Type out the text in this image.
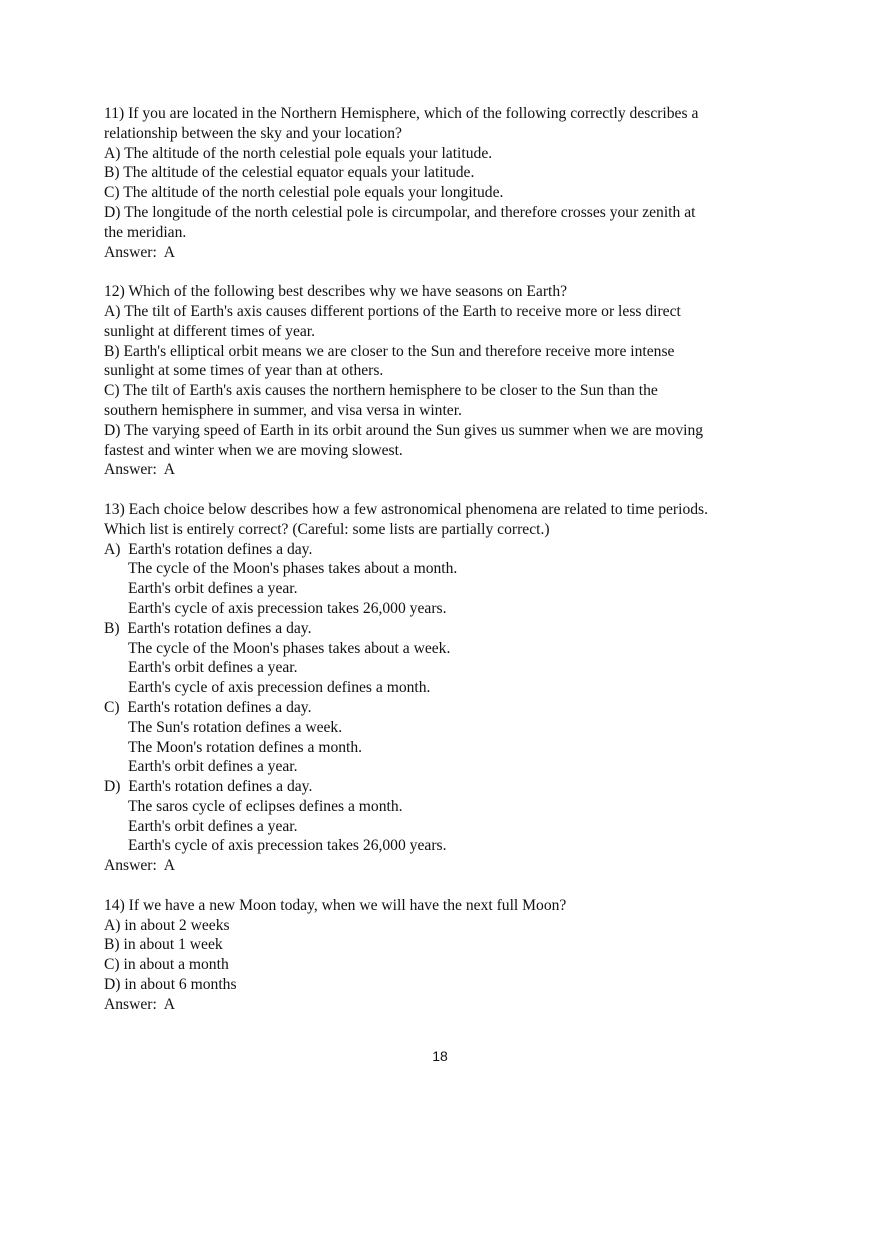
11) If you are located in the Northern Hemisphere, which of the following correctly describes a
relationship between the sky and your location?
A) The altitude of the north celestial pole equals your latitude.
B) The altitude of the celestial equator equals your latitude.
C) The altitude of the north celestial pole equals your longitude.
D) The longitude of the north celestial pole is circumpolar, and therefore crosses your zenith at
the meridian.
Answer:  A
12) Which of the following best describes why we have seasons on Earth?
A) The tilt of Earth's axis causes different portions of the Earth to receive more or less direct
sunlight at different times of year.
B) Earth's elliptical orbit means we are closer to the Sun and therefore receive more intense
sunlight at some times of year than at others.
C) The tilt of Earth's axis causes the northern hemisphere to be closer to the Sun than the
southern hemisphere in summer, and visa versa in winter.
D) The varying speed of Earth in its orbit around the Sun gives us summer when we are moving
fastest and winter when we are moving slowest.
Answer:  A
13) Each choice below describes how a few astronomical phenomena are related to time periods.
Which list is entirely correct? (Careful: some lists are partially correct.)
A)  Earth's rotation defines a day.
The cycle of the Moon's phases takes about a month.
Earth's orbit defines a year.
Earth's cycle of axis precession takes 26,000 years.
B)  Earth's rotation defines a day.
The cycle of the Moon's phases takes about a week.
Earth's orbit defines a year.
Earth's cycle of axis precession defines a month.
C)  Earth's rotation defines a day.
The Sun's rotation defines a week.
The Moon's rotation defines a month.
Earth's orbit defines a year.
D)  Earth's rotation defines a day.
The saros cycle of eclipses defines a month.
Earth's orbit defines a year.
Earth's cycle of axis precession takes 26,000 years.
Answer:  A
14) If we have a new Moon today, when we will have the next full Moon?
A) in about 2 weeks
B) in about 1 week
C) in about a month
D) in about 6 months
Answer:  A
18
